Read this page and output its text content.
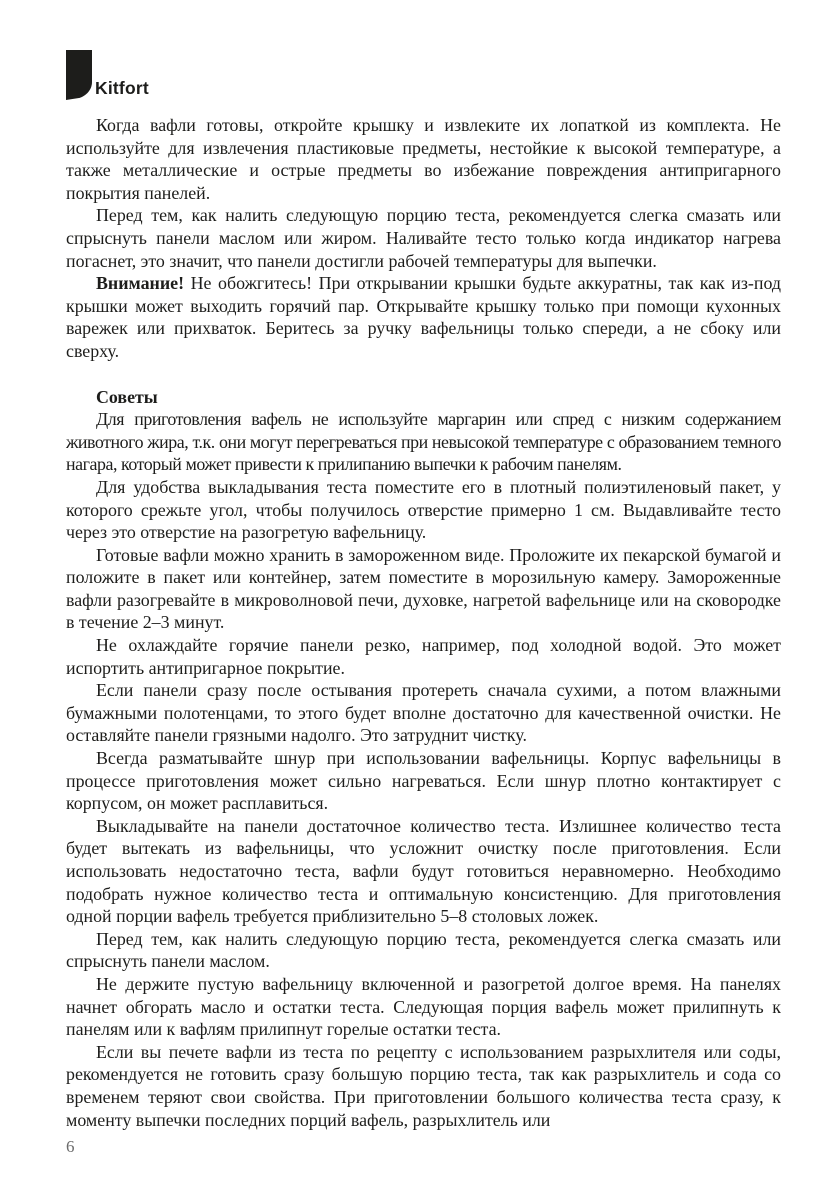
Kitfort

Когда вафли готовы, откройте крышку и извлеките их лопаткой из комплекта. Не используйте для извлечения пластиковые предметы, нестойкие к высокой температуре, а также металлические и острые предметы во избежание повреждения антипригарного покрытия панелей.

Перед тем, как налить следующую порцию теста, рекомендуется слегка смазать или спрыснуть панели маслом или жиром. Наливайте тесто только когда индикатор нагрева погаснет, это значит, что панели достигли рабочей температуры для выпечки.

Внимание! Не обожгитесь! При открывании крышки будьте аккуратны, так как из-под крышки может выходить горячий пар. Открывайте крышку только при помощи кухонных варежек или прихваток. Беритесь за ручку вафельницы только спереди, а не сбоку или сверху.

Советы

Для приготовления вафель не используйте маргарин или спред с низким содержанием животного жира, т.к. они могут перегреваться при невысокой температуре с образованием темного нагара, который может привести к прилипанию выпечки к рабочим панелям.

Для удобства выкладывания теста поместите его в плотный полиэтиленовый пакет, у которого срежьте угол, чтобы получилось отверстие примерно 1 см. Выдавливайте тесто через это отверстие на разогретую вафельницу.

Готовые вафли можно хранить в замороженном виде. Проложите их пекарской бумагой и положите в пакет или контейнер, затем поместите в морозильную камеру. Замороженные вафли разогревайте в микроволновой печи, духовке, нагретой вафельнице или на сковородке в течение 2–3 минут.

Не охлаждайте горячие панели резко, например, под холодной водой. Это может испортить антипригарное покрытие.

Если панели сразу после остывания протереть сначала сухими, а потом влажными бумажными полотенцами, то этого будет вполне достаточно для качественной очистки. Не оставляйте панели грязными надолго. Это затруднит чистку.

Всегда разматывайте шнур при использовании вафельницы. Корпус вафельницы в процессе приготовления может сильно нагреваться. Если шнур плотно контактирует с корпусом, он может расплавиться.

Выкладывайте на панели достаточное количество теста. Излишнее количество теста будет вытекать из вафельницы, что усложнит очистку после приготовления. Если использовать недостаточно теста, вафли будут готовиться неравномерно. Необходимо подобрать нужное количество теста и оптимальную консистенцию. Для приготовления одной порции вафель требуется приблизительно 5–8 столовых ложек.

Перед тем, как налить следующую порцию теста, рекомендуется слегка смазать или спрыснуть панели маслом.

Не держите пустую вафельницу включенной и разогретой долгое время. На панелях начнет обгорать масло и остатки теста. Следующая порция вафель может прилипнуть к панелям или к вафлям прилипнут горелые остатки теста.

Если вы печете вафли из теста по рецепту с использованием разрыхлителя или соды, рекомендуется не готовить сразу большую порцию теста, так как разрыхлитель и сода со временем теряют свои свойства. При приготовлении большого количества теста сразу, к моменту выпечки последних порций вафель, разрыхлитель или

6
